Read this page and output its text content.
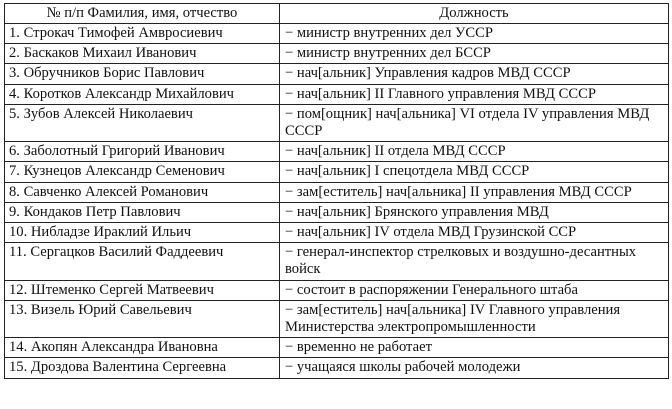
№ п/п Фамилия, имя, отчество	Должность
1. Строкач Тимофей Амвросиевич	− министр внутренних дел УССР
2. Баскаков Михаил Иванович	− министр внутренних дел БССР
3. Обручников Борис Павлович	− нач[альник] Управления кадров МВД СССР
4. Коротков Александр Михайлович	− нач[альник] II Главного управления МВД СССР
5. Зубов Алексей Николаевич	− пом[ощник] нач[альника] VI отдела IV управления МВД СССР
6. Заболотный Григорий Иванович	− нач[альник] II отдела МВД СССР
7. Кузнецов Александр Семенович	− нач[альник] I спецотдела МВД СССР
8. Савченко Алексей Романович	− зам[еститель] нач[альника] II управления МВД СССР
9. Кондаков Петр Павлович	− нач[альник] Брянского управления МВД
10. Нибладзе Ираклий Ильич	− нач[альник] IV отдела МВД Грузинской ССР
11. Сергацков Василий Фаддеевич	− генерал-инспектор стрелковых и воздушно-десантных войск
12. Штеменко Сергей Матвеевич	− состоит в распоряжении Генерального штаба
13. Визель Юрий Савельевич	− зам[еститель] нач[альника] IV Главного управления Министерства электропромышленности
14. Акопян Александра Ивановна	− временно не работает
15. Дроздова Валентина Сергеевна	− учащаяся школы рабочей молодежи
